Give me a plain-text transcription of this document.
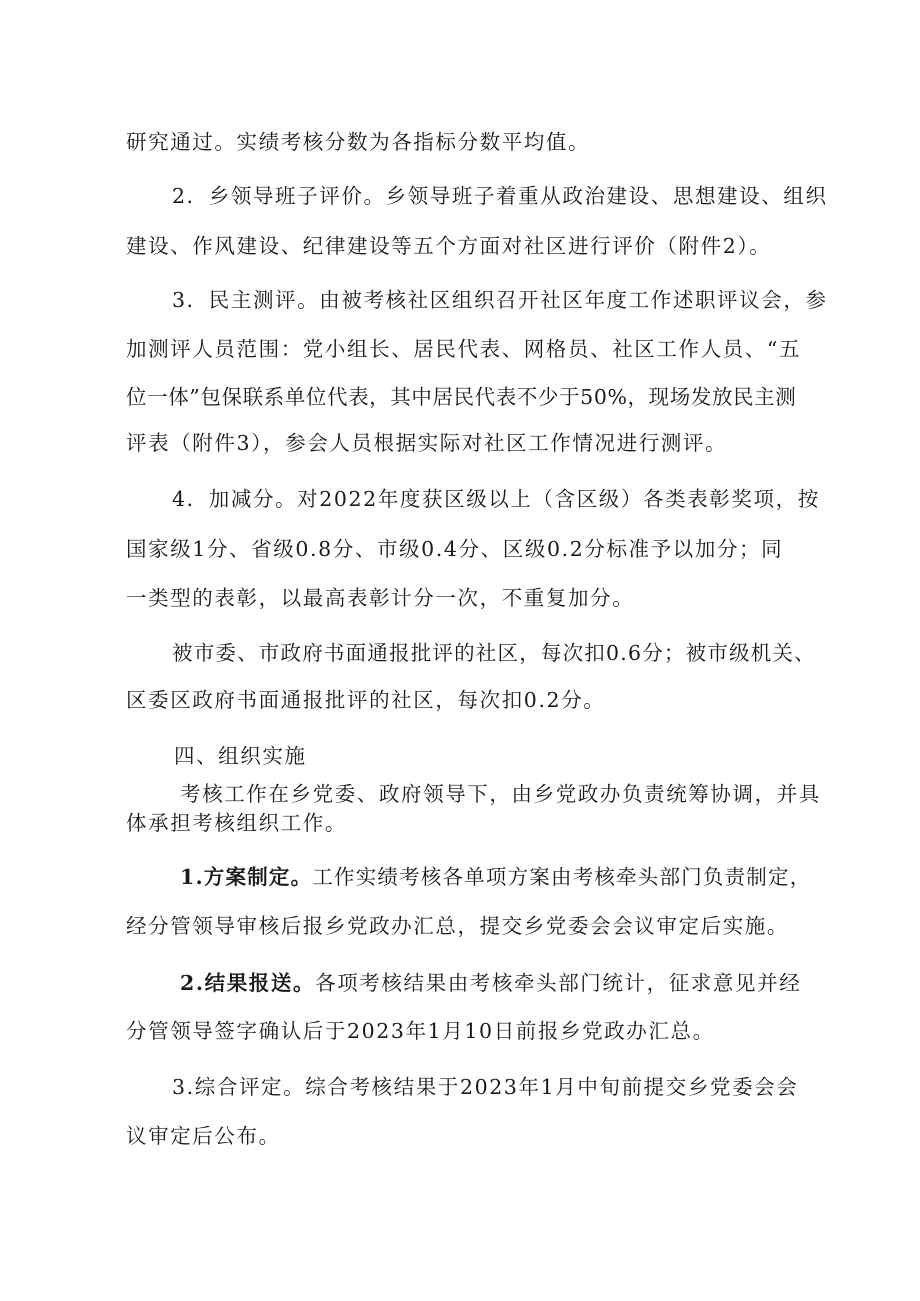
研究通过。实绩考核分数为各指标分数平均值。
2．乡领导班子评价。乡领导班子着重从政治建设、思想建设、组织
建设、作风建设、纪律建设等五个方面对社区进行评价（附件2）。
3．民主测评。由被考核社区组织召开社区年度工作述职评议会，参
加测评人员范围：党小组长、居民代表、网格员、社区工作人员、“五
位一体”包保联系单位代表，其中居民代表不少于50%，现场发放民主测
评表（附件3），参会人员根据实际对社区工作情况进行测评。
4．加减分。对2022年度获区级以上（含区级）各类表彰奖项，按
国家级1分、省级0.8分、市级0.4分、区级0.2分标准予以加分；同
一类型的表彰，以最高表彰计分一次，不重复加分。
被市委、市政府书面通报批评的社区，每次扣0.6分；被市级机关、
区委区政府书面通报批评的社区，每次扣0.2分。
四、组织实施
考核工作在乡党委、政府领导下，由乡党政办负责统筹协调，并具
体承担考核组织工作。
1.方案制定。工作实绩考核各单项方案由考核牵头部门负责制定，
经分管领导审核后报乡党政办汇总，提交乡党委会会议审定后实施。
2.结果报送。各项考核结果由考核牵头部门统计，征求意见并经
分管领导签字确认后于2023年1月10日前报乡党政办汇总。
3.综合评定。综合考核结果于2023年1月中旬前提交乡党委会会
议审定后公布。
